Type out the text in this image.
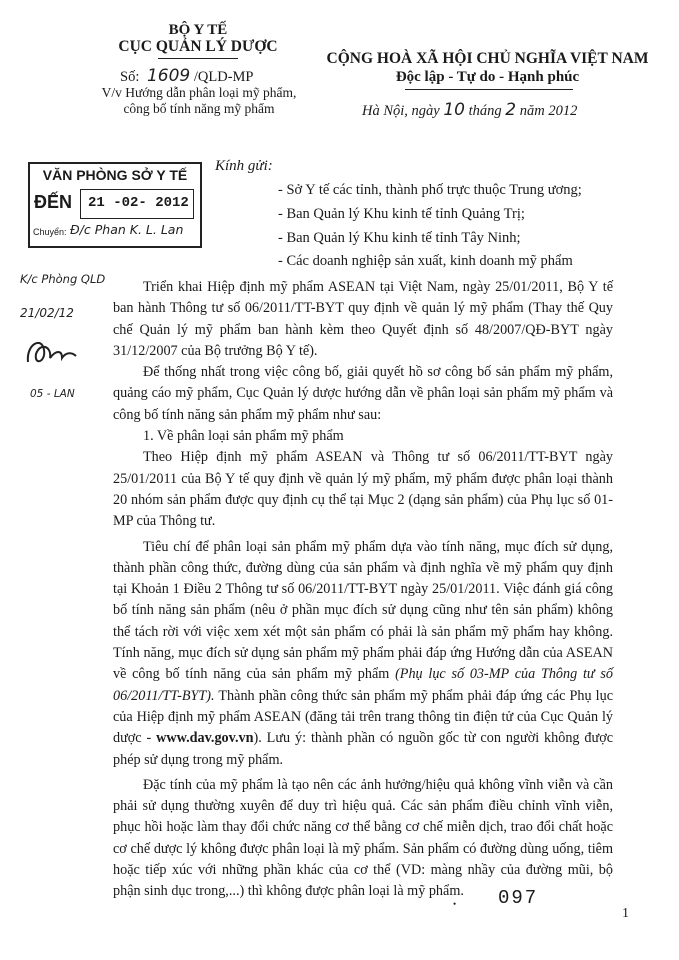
BỘ Y TẾ
CỤC QUẢN LÝ DƯỢC
Số: 1609 /QLD-MP
V/v Hướng dẫn phân loại mỹ phẩm,
công bố tính năng mỹ phẩm
CỘNG HOÀ XÃ HỘI CHỦ NGHĨA VIỆT NAM
Độc lập - Tự do - Hạnh phúc
Hà Nội, ngày 10 tháng 2 năm 2012
VĂN PHÒNG SỞ Y TẾ
ĐẾN 21 -02- 2012
Chuyển: Đ/c Phan K. L. Lan
K/c Phòng QLD
21/02/12
05 - LAN
Kính gửi:
- Sở Y tế các tỉnh, thành phố trực thuộc Trung ương;
- Ban Quản lý Khu kinh tế tỉnh Quảng Trị;
- Ban Quản lý Khu kinh tế tỉnh Tây Ninh;
- Các doanh nghiệp sản xuất, kinh doanh mỹ phẩm

Triển khai Hiệp định mỹ phẩm ASEAN tại Việt Nam, ngày 25/01/2011, Bộ Y tế ban hành Thông tư số 06/2011/TT-BYT quy định về quản lý mỹ phẩm (Thay thế Quy chế Quản lý mỹ phẩm ban hành kèm theo Quyết định số 48/2007/QĐ-BYT ngày 31/12/2007 của Bộ trưởng Bộ Y tế).

Để thống nhất trong việc công bố, giải quyết hồ sơ công bố sản phẩm mỹ phẩm, quảng cáo mỹ phẩm, Cục Quản lý dược hướng dẫn về phân loại sản phẩm mỹ phẩm và công bố tính năng sản phẩm mỹ phẩm như sau:

1. Về phân loại sản phẩm mỹ phẩm

Theo Hiệp định mỹ phẩm ASEAN và Thông tư số 06/2011/TT-BYT ngày 25/01/2011 của Bộ Y tế quy định về quản lý mỹ phẩm, mỹ phẩm được phân loại thành 20 nhóm sản phẩm được quy định cụ thể tại Mục 2 (dạng sản phẩm) của Phụ lục số 01-MP của Thông tư.

Tiêu chí để phân loại sản phẩm mỹ phẩm dựa vào tính năng, mục đích sử dụng, thành phần công thức, đường dùng của sản phẩm và định nghĩa về mỹ phẩm quy định tại Khoản 1 Điều 2 Thông tư số 06/2011/TT-BYT ngày 25/01/2011. Việc đánh giá công bố tính năng sản phẩm (nêu ở phần mục đích sử dụng cũng như tên sản phẩm) không thể tách rời với việc xem xét một sản phẩm có phải là sản phẩm mỹ phẩm hay không. Tính năng, mục đích sử dụng sản phẩm mỹ phẩm phải đáp ứng Hướng dẫn của ASEAN về công bố tính năng của sản phẩm mỹ phẩm (Phụ lục số 03-MP của Thông tư số 06/2011/TT-BYT). Thành phần công thức sản phẩm mỹ phẩm phải đáp ứng các Phụ lục của Hiệp định mỹ phẩm ASEAN (đăng tải trên trang thông tin điện tử của Cục Quản lý dược - www.dav.gov.vn). Lưu ý: thành phần có nguồn gốc từ con người không được phép sử dụng trong mỹ phẩm.

Đặc tính của mỹ phẩm là tạo nên các ảnh hưởng/hiệu quả không vĩnh viễn và cần phải sử dụng thường xuyên để duy trì hiệu quả. Các sản phẩm điều chỉnh vĩnh viễn, phục hồi hoặc làm thay đổi chức năng cơ thể bằng cơ chế miễn dịch, trao đổi chất hoặc cơ chế dược lý không được phân loại là mỹ phẩm. Sản phẩm có đường dùng uống, tiêm hoặc tiếp xúc với những phần khác của cơ thể (VD: màng nhầy của đường mũi, bộ phận sinh dục trong,...) thì không được phân loại là mỹ phẩm.

• 097
1
